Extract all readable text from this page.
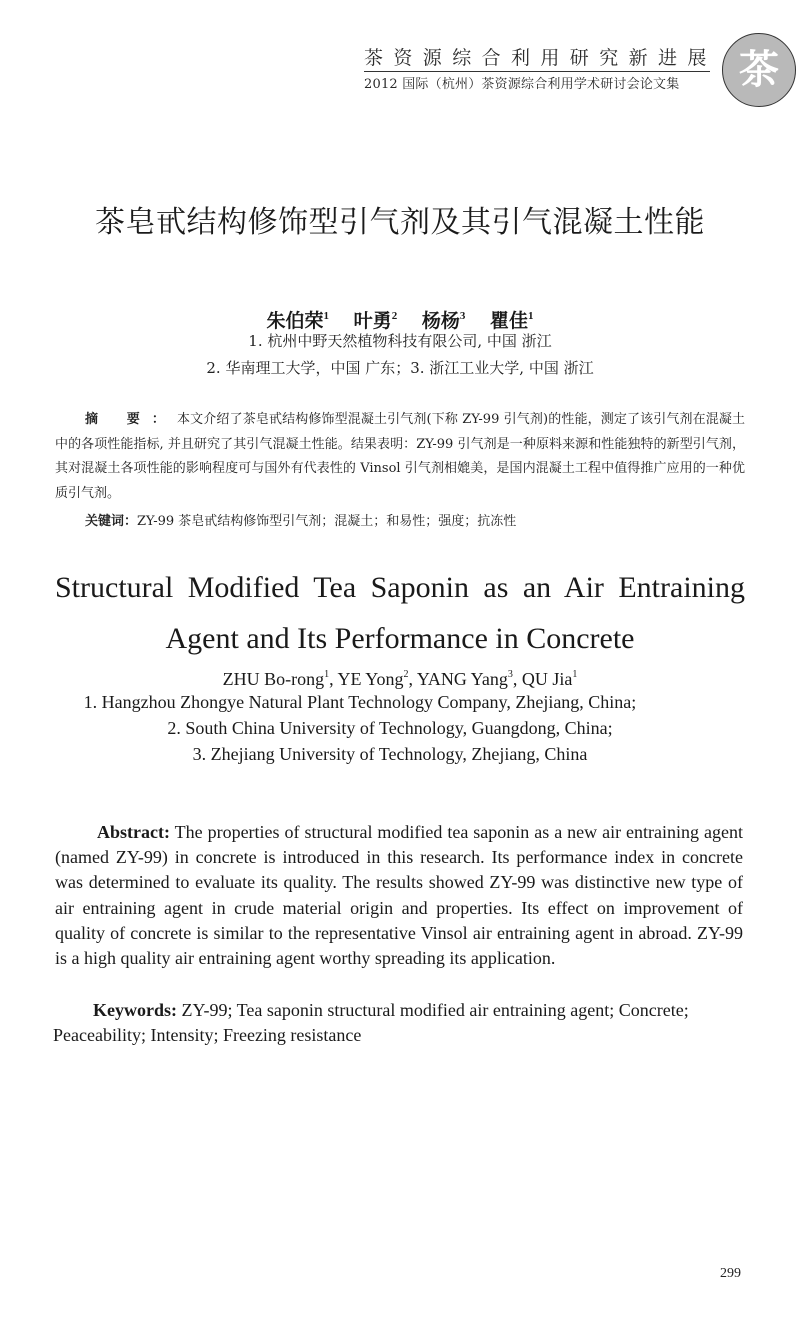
茶资源综合利用研究新进展
2012 国际（杭州）茶资源综合利用学术研讨会论文集	茶
茶皂甙结构修饰型引气剂及其引气混凝土性能
朱伯荣$^1$ 叶勇$^2$ 杨杨$^3$ 瞿佳$^1$
1. 杭州中野天然植物科技有限公司, 中国 浙江
2. 华南理工大学，中国 广东；3. 浙江工业大学, 中国 浙江
摘 要：本文介绍了茶皂甙结构修饰型混凝土引气剂(下称 ZY-99 引气剂)的性能，测定了该引气剂在混凝土中的各项性能指标, 并且研究了其引气混凝土性能。结果表明：ZY-99 引气剂是一种原料来源和性能独特的新型引气剂，其对混凝土各项性能的影响程度可与国外有代表性的 Vinsol 引气剂相媲美，是国内混凝土工程中值得推广应用的一种优质引气剂。
关键词：ZY-99 茶皂甙结构修饰型引气剂；混凝土；和易性；强度；抗冻性
Structural Modified Tea Saponin as an Air Entraining
Agent and Its Performance in Concrete
ZHU Bo-rong$^1$, YE Yong$^2$, YANG Yang$^3$, QU Jia$^1$
1. Hangzhou Zhongye Natural Plant Technology Company, Zhejiang, China;
2. South China University of Technology, Guangdong, China;
3. Zhejiang University of Technology, Zhejiang, China
Abstract: The properties of structural modified tea saponin as a new air entraining agent (named ZY-99) in concrete is introduced in this research. Its performance index in concrete was determined to evaluate its quality. The results showed ZY-99 was distinctive new type of air entraining agent in crude material origin and properties. Its effect on improvement of quality of concrete is similar to the representative Vinsol air entraining agent in abroad. ZY-99 is a high quality air entraining agent worthy spreading its application.
Keywords: ZY-99; Tea saponin structural modified air entraining agent; Concrete; Peaceability; Intensity; Freezing resistance
299
